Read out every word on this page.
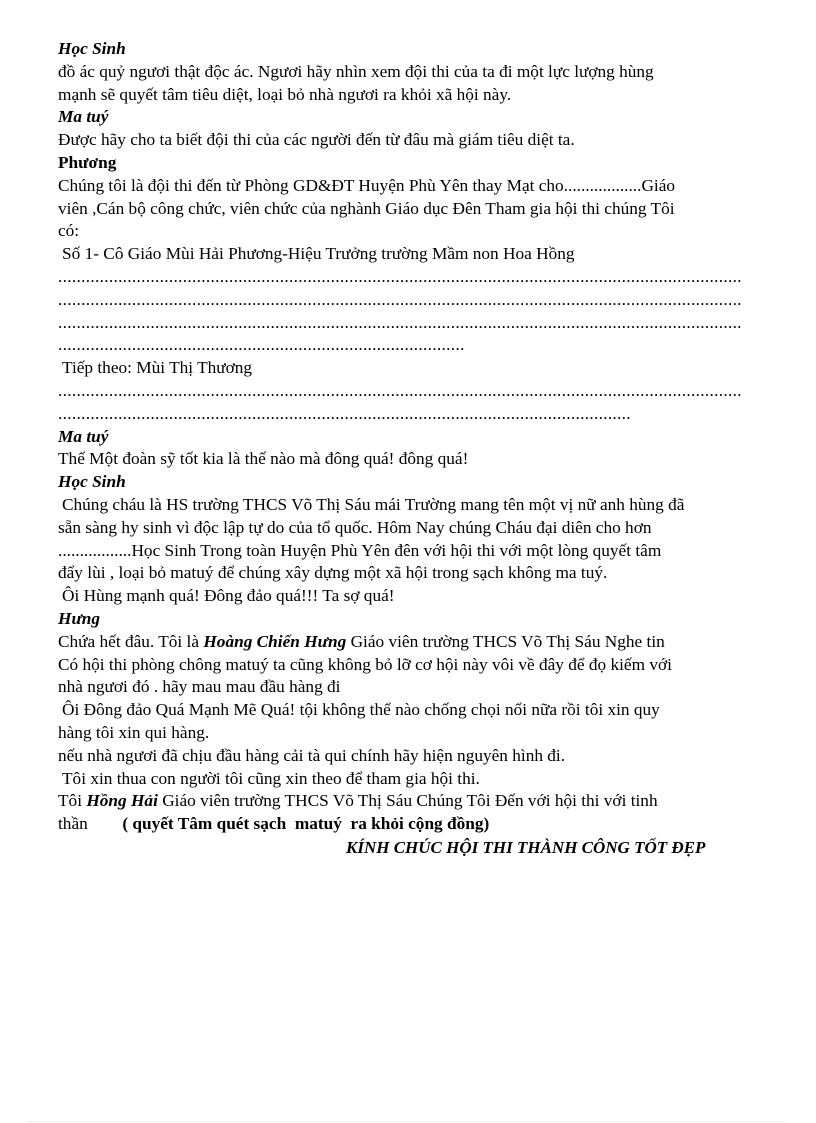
Học Sinh
đồ ác quỷ ngươi thật độc ác. Ngươi hãy nhìn xem đội thi của ta đi một lực lượng hùng
mạnh sẽ quyết tâm tiêu diệt, loại bỏ nhà ngươi ra khỏi xã hội này.
Ma tuý
Được hãy cho ta biết đội thi của các người đến từ đâu mà giám tiêu diệt ta.
Phương
Chúng tôi là đội thi đến từ Phòng GD&ĐT Huyện Phù Yên thay Mạt cho..................Giáo
viên ,Cán bộ công chức, viên chức của nghành Giáo dục Đên Tham gia hội thi chúng Tôi
có:
Số 1- Cô Giáo Mùi Hải Phương-Hiệu Trưởng trường Mầm non Hoa Hồng
....................................................................................................................................................
....................................................................................................................................................
....................................................................................................................................................
........................................................................................
Tiếp theo: Mùi Thị Thương
....................................................................................................................................................
............................................................................................................................
Ma tuý
Thế Một đoàn sỹ tốt kia là thế nào mà đông quá! đông quá!
Học Sinh
Chúng cháu là HS trường THCS Võ Thị Sáu mái Trường mang tên một vị nữ anh hùng đã
sẵn sàng hy sinh vì độc lập tự do của tổ quốc. Hôm Nay chúng Cháu đại diên cho hơn
.................Học Sinh Trong toàn Huyện Phù Yên đên với hội thi với một lòng quyết tâm
đẩy lùi , loại bỏ matuý để chúng xây dựng một xã hội trong sạch không ma tuý.
Ôi Hùng mạnh quá! Đông đảo quá!!! Ta sợ quá!
Hưng
Chứa hết đâu. Tôi là Hoàng Chiến Hưng Giáo viên trường THCS Võ Thị Sáu Nghe tin
Có hội thi phòng chông matuý ta cũng không bỏ lỡ cơ hội này vôi về đây để đọ kiếm với
nhà ngươi đó . hãy mau mau đầu hàng đi
Ôi Đông đảo Quá Mạnh Mẽ Quá! tội không thể nào chống chọi nổi nữa rồi tôi xin quy
hàng tôi xin qui hàng.
nếu nhà ngươi đã chịu đầu hàng cải tà qui chính hãy hiện nguyên hình đi.
Tôi xin thua con người tôi cũng xin theo để tham gia hội thi.
Tôi Hồng Hải Giáo viên trường THCS Võ Thị Sáu Chúng Tôi Đến với hội thi với tinh
thần        ( quyết Tâm quét sạch  matuý  ra khỏi cộng đồng)
KÍNH CHÚC HỘI THI THÀNH CÔNG TỐT ĐẸP
